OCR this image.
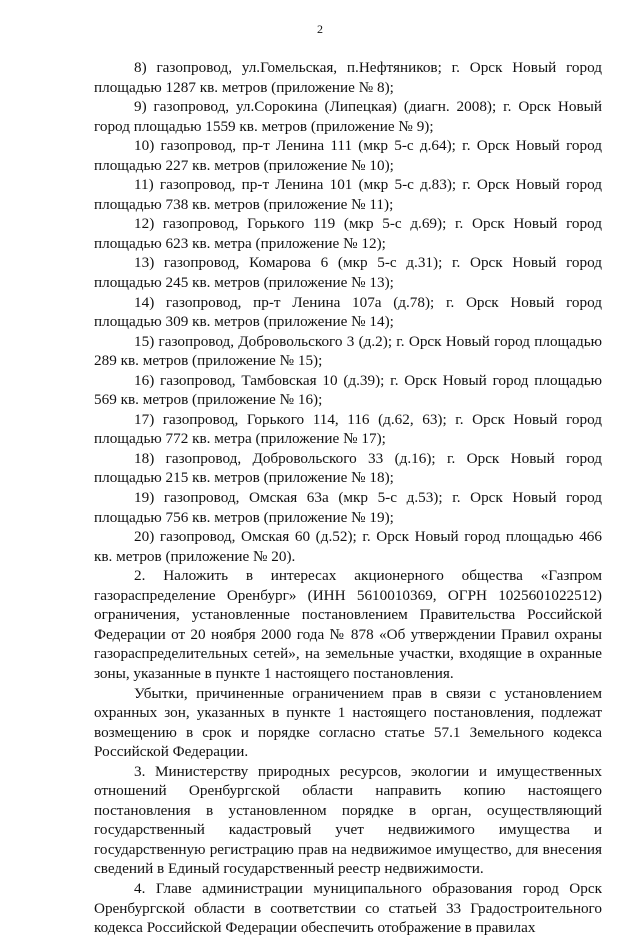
2

8) газопровод, ул.Гомельская, п.Нефтяников; г. Орск Новый город площадью 1287 кв. метров (приложение № 8);

9) газопровод, ул.Сорокина (Липецкая) (диагн. 2008); г. Орск Новый город площадью 1559 кв. метров (приложение № 9);

10) газопровод, пр-т Ленина 111 (мкр 5-с д.64); г. Орск Новый город площадью 227 кв. метров (приложение № 10);

11) газопровод, пр-т Ленина 101 (мкр 5-с д.83); г. Орск Новый город площадью 738 кв. метров (приложение № 11);

12) газопровод, Горького 119 (мкр 5-с д.69); г. Орск Новый город площадью 623 кв. метра (приложение № 12);

13) газопровод, Комарова 6 (мкр 5-с д.31); г. Орск Новый город площадью 245 кв. метров (приложение № 13);

14) газопровод, пр-т Ленина 107а (д.78); г. Орск Новый город площадью 309 кв. метров (приложение № 14);

15) газопровод, Добровольского 3 (д.2); г. Орск Новый город площадью 289 кв. метров (приложение № 15);

16) газопровод, Тамбовская 10 (д.39); г. Орск Новый город площадью 569 кв. метров (приложение № 16);

17) газопровод, Горького 114, 116 (д.62, 63); г. Орск Новый город площадью 772 кв. метра (приложение № 17);

18) газопровод, Добровольского 33 (д.16); г. Орск Новый город площадью 215 кв. метров (приложение № 18);

19) газопровод, Омская 63а (мкр 5-с д.53); г. Орск Новый город площадью 756 кв. метров (приложение № 19);

20) газопровод, Омская 60 (д.52); г. Орск Новый город площадью 466 кв. метров (приложение № 20).

2. Наложить в интересах акционерного общества «Газпром газораспределение Оренбург» (ИНН 5610010369, ОГРН 1025601022512) ограничения, установленные постановлением Правительства Российской Федерации от 20 ноября 2000 года № 878 «Об утверждении Правил охраны газораспределительных сетей», на земельные участки, входящие в охранные зоны, указанные в пункте 1 настоящего постановления.

Убытки, причиненные ограничением прав в связи с установлением охранных зон, указанных в пункте 1 настоящего постановления, подлежат возмещению в срок и порядке согласно статье 57.1 Земельного кодекса Российской Федерации.

3. Министерству природных ресурсов, экологии и имущественных отношений Оренбургской области направить копию настоящего постановления в установленном порядке в орган, осуществляющий государственный кадастровый учет недвижимого имущества и государственную регистрацию прав на недвижимое имущество, для внесения сведений в Единый государственный реестр недвижимости.

4. Главе администрации муниципального образования город Орск Оренбургской области в соответствии со статьей 33 Градостроительного кодекса Российской Федерации обеспечить отображение в правилах
